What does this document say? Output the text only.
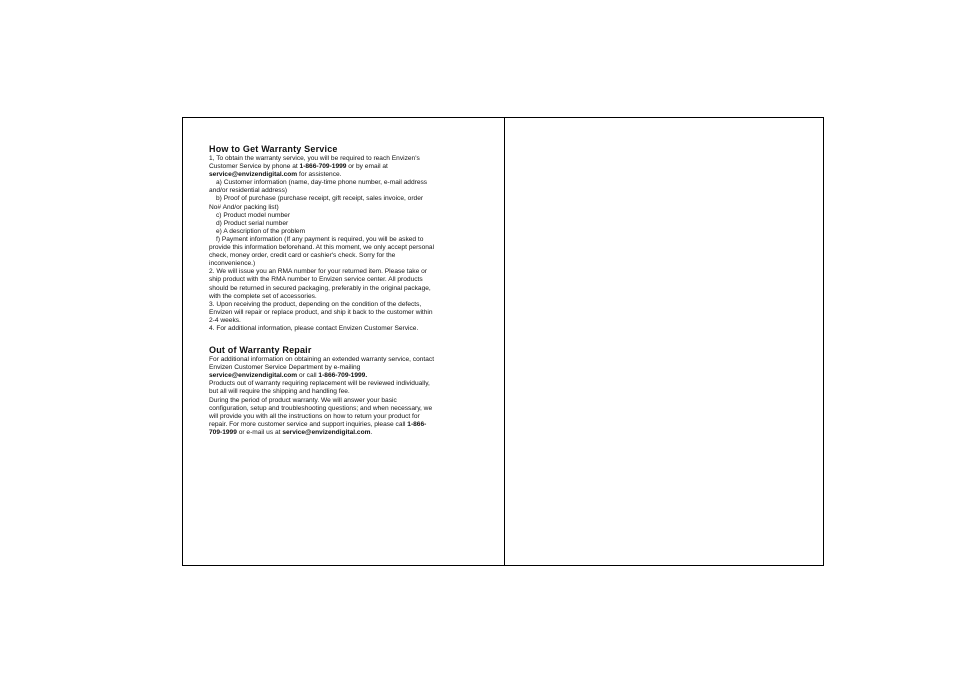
How to Get Warranty Service

1, To obtain the warranty service, you will be required to reach Envizen's

Customer Service by phone at 1-866-709-1999 or by email at

service@envizendigital.com for assistence.

a) Customer information (name, day-time phone number, e-mail address

and/or residential address)

b) Proof of purchase (purchase receipt, gift receipt, sales invoice, order

No# And/or packing list)

c) Product model number

d) Product serial number

e) A description of the problem

f) Payment information (If any payment is required, you will be asked to

provide this information beforehand. At this moment, we only accept personal

check, money order, credit card or cashier's check. Sorry for the

inconvenience.)

2. We will issue you an RMA number for your returned item. Please take or

ship product with the RMA number to Envizen service center. All products

should be returned in secured packaging, preferably in the original package,

with the complete set of accessories.

3. Upon receiving the product, depending on the condition of the defects,

Envizen will repair or replace product, and ship it back to the customer within

2-4 weeks.

4. For additional information, please contact Envizen Customer Service.

Out of Warranty Repair

For additional information on obtaining an extended warranty service, contact

Envizen Customer Service Department by e-mailing

service@envizendigital.com or call 1-866-709-1999.

Products out of warranty requiring replacement will be reviewed individually,

but all will require the shipping and handling fee.

During the period of product warranty. We will answer your basic

configuration, setup and troubleshooting questions; and when necessary, we

will provide you with all the instructions on how to return your product for

repair. For more customer service and support inquiries, please call 1-866-

709-1999 or e-mail us at service@envizendigital.com.
